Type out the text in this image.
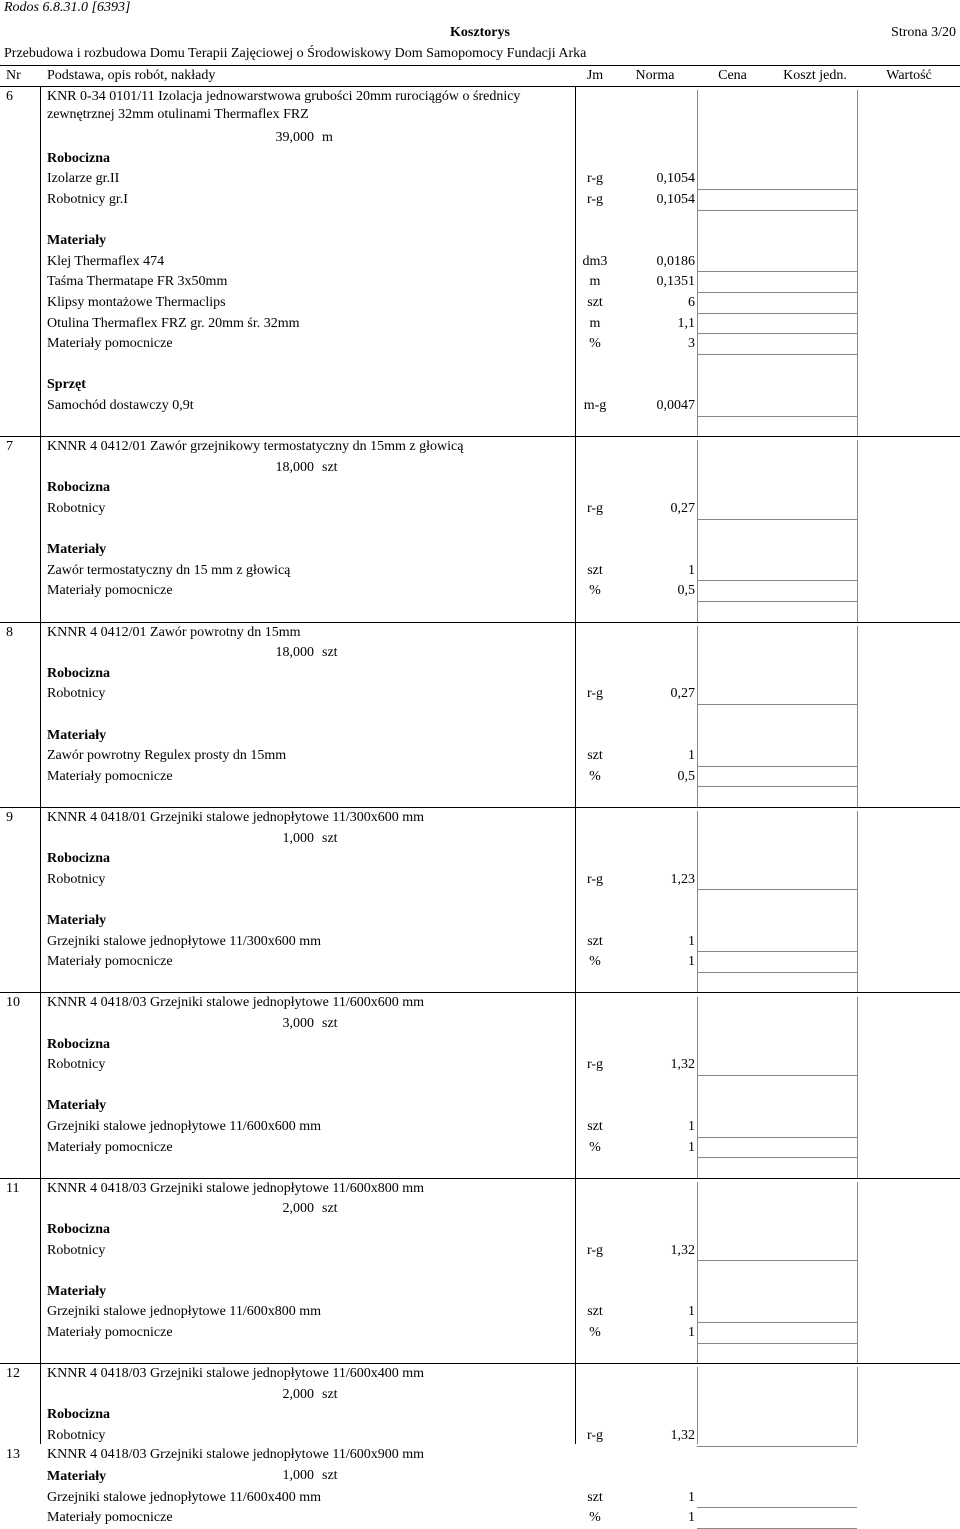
Rodos 6.8.31.0 [6393]
Kosztorys	Strona 3/20
Przebudowa i rozbudowa Domu Terapii Zajęciowej o Środowiskowy Dom Samopomocy Fundacji Arka
Nr Podstawa, opis robót, nakłady	Jm	Norma	Cena	Koszt jedn.	Wartość
6 KNR 0-34 0101/11 Izolacja jednowarstwowa grubości 20mm rurociągów o średnicy
zewnętrznej 32mm otulinami Thermaflex FRZ
39,000 m
Robocizna
Izolarze gr.II	r-g	0,1054
Robotnicy gr.I	r-g	0,1054
Materiały
Klej Thermaflex 474	dm3	0,0186
Taśma Thermatape FR 3x50mm	m	0,1351
Klipsy montażowe Thermaclips	szt	6
Otulina Thermaflex FRZ gr. 20mm śr. 32mm	m	1,1
Materiały pomocnicze	%	3
Sprzęt
Samochód dostawczy 0,9t	m-g	0,0047
7 KNNR 4 0412/01 Zawór grzejnikowy termostatyczny dn 15mm z głowicą
18,000 szt
Robocizna
Robotnicy	r-g	0,27
Materiały
Zawór termostatyczny dn 15 mm z głowicą	szt	1
Materiały pomocnicze	%	0,5
8 KNNR 4 0412/01 Zawór powrotny dn 15mm
18,000 szt
Robocizna
Robotnicy	r-g	0,27
Materiały
Zawór powrotny Regulex prosty dn 15mm	szt	1
Materiały pomocnicze	%	0,5
9 KNNR 4 0418/01 Grzejniki stalowe jednopłytowe 11/300x600 mm
1,000 szt
Robocizna
Robotnicy	r-g	1,23
Materiały
Grzejniki stalowe jednopłytowe 11/300x600 mm	szt	1
Materiały pomocnicze	%	1
10 KNNR 4 0418/03 Grzejniki stalowe jednopłytowe 11/600x600 mm
3,000 szt
Robocizna
Robotnicy	r-g	1,32
Materiały
Grzejniki stalowe jednopłytowe 11/600x600 mm	szt	1
Materiały pomocnicze	%	1
11 KNNR 4 0418/03 Grzejniki stalowe jednopłytowe 11/600x800 mm
2,000 szt
Robocizna
Robotnicy	r-g	1,32
Materiały
Grzejniki stalowe jednopłytowe 11/600x800 mm	szt	1
Materiały pomocnicze	%	1
12 KNNR 4 0418/03 Grzejniki stalowe jednopłytowe 11/600x400 mm
2,000 szt
Robocizna
Robotnicy	r-g	1,32
Materiały
Grzejniki stalowe jednopłytowe 11/600x400 mm	szt	1
Materiały pomocnicze	%	1
13 KNNR 4 0418/03 Grzejniki stalowe jednopłytowe 11/600x900 mm
1,000 szt
